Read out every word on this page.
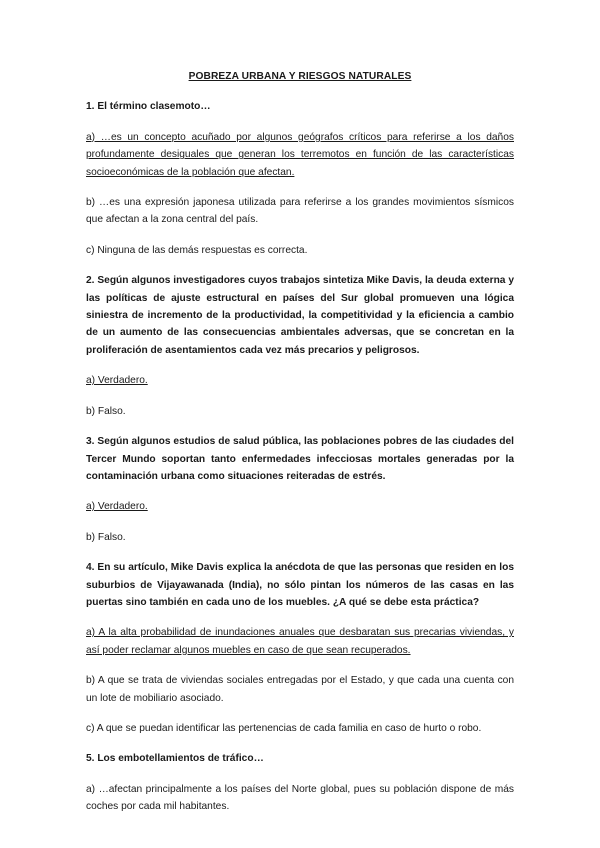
POBREZA URBANA Y RIESGOS NATURALES

1. El término clasemoto…

a) …es un concepto acuñado por algunos geógrafos críticos para referirse a los daños profundamente desiguales que generan los terremotos en función de las características socioeconómicas de la población que afectan.

b) …es una expresión japonesa utilizada para referirse a los grandes movimientos sísmicos que afectan a la zona central del país.

c) Ninguna de las demás respuestas es correcta.

2. Según algunos investigadores cuyos trabajos sintetiza Mike Davis, la deuda externa y las políticas de ajuste estructural en países del Sur global promueven una lógica siniestra de incremento de la productividad, la competitividad y la eficiencia a cambio de un aumento de las consecuencias ambientales adversas, que se concretan en la proliferación de asentamientos cada vez más precarios y peligrosos.

a) Verdadero.

b) Falso.

3. Según algunos estudios de salud pública, las poblaciones pobres de las ciudades del Tercer Mundo soportan tanto enfermedades infecciosas mortales generadas por la contaminación urbana como situaciones reiteradas de estrés.

a) Verdadero.

b) Falso.

4. En su artículo, Mike Davis explica la anécdota de que las personas que residen en los suburbios de Vijayawanada (India), no sólo pintan los números de las casas en las puertas sino también en cada uno de los muebles. ¿A qué se debe esta práctica?

a) A la alta probabilidad de inundaciones anuales que desbaratan sus precarias viviendas, y así poder reclamar algunos muebles en caso de que sean recuperados.

b) A que se trata de viviendas sociales entregadas por el Estado, y que cada una cuenta con un lote de mobiliario asociado.

c) A que se puedan identificar las pertenencias de cada familia en caso de hurto o robo.

5. Los embotellamientos de tráfico…

a) …afectan principalmente a los países del Norte global, pues su población dispone de más coches por cada mil habitantes.
